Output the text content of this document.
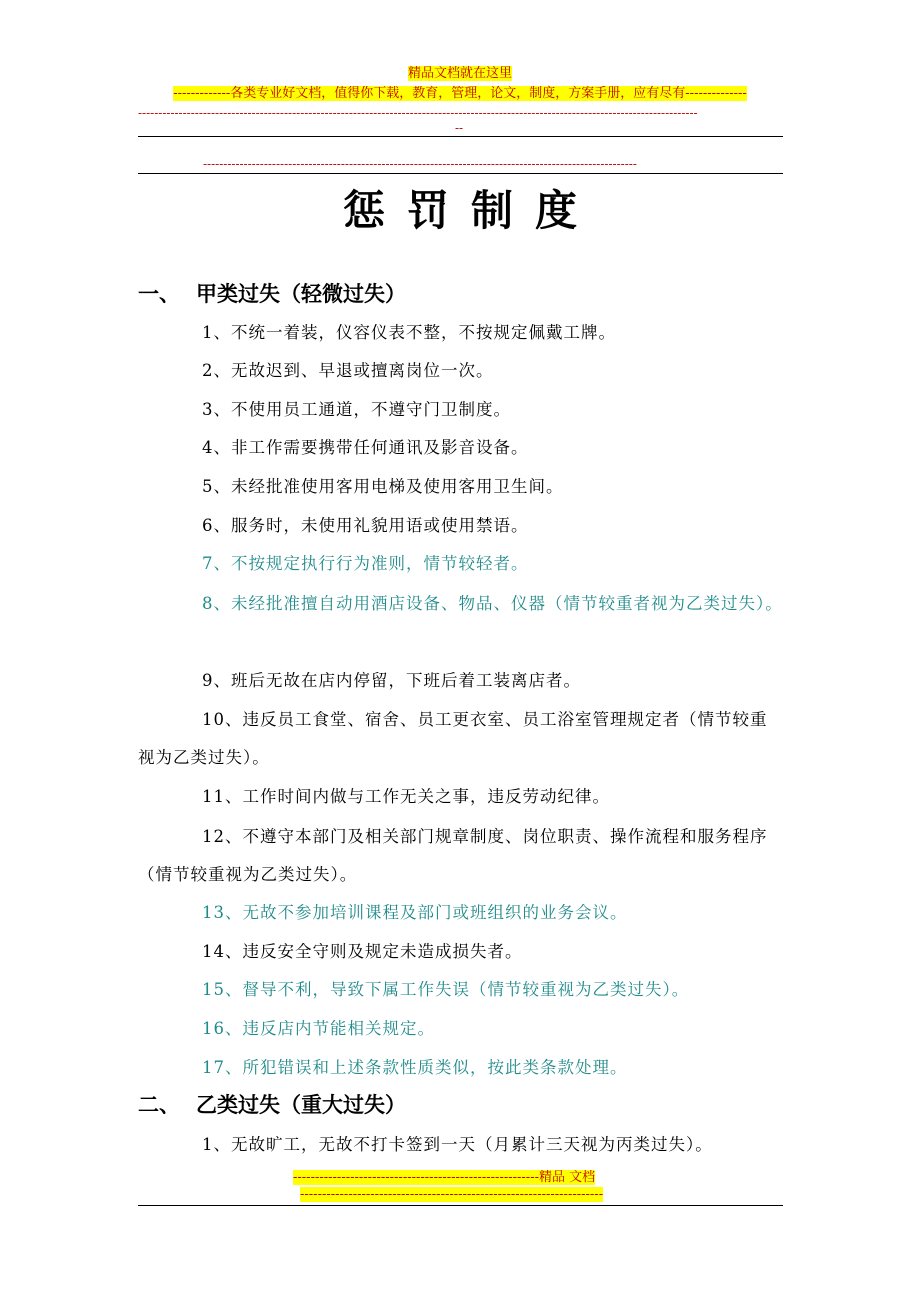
精品文档就在这里
-------------各类专业好文档，值得你下载，教育，管理，论文，制度，方案手册，应有尽有--------------
------------------------------------------------------------------------------------------------------------------------------------------
--
-----------------------------------------------------------------------------------------------------------
惩罚制度
一、 甲类过失（轻微过失）
1、不统一着装，仪容仪表不整，不按规定佩戴工牌。
2、无故迟到、早退或擅离岗位一次。
3、不使用员工通道，不遵守门卫制度。
4、非工作需要携带任何通讯及影音设备。
5、未经批准使用客用电梯及使用客用卫生间。
6、服务时，未使用礼貌用语或使用禁语。
7、不按规定执行行为准则，情节较轻者。
8、未经批准擅自动用酒店设备、物品、仪器（情节较重者视为乙类过失）。
9、班后无故在店内停留，下班后着工装离店者。
10、违反员工食堂、宿舍、员工更衣室、员工浴室管理规定者（情节较重视为乙类过失）。
11、工作时间内做与工作无关之事，违反劳动纪律。
12、不遵守本部门及相关部门规章制度、岗位职责、操作流程和服务程序（情节较重视为乙类过失）。
13、无故不参加培训课程及部门或班组织的业务会议。
14、违反安全守则及规定未造成损失者。
15、督导不利，导致下属工作失误（情节较重视为乙类过失）。
16、违反店内节能相关规定。
17、所犯错误和上述条款性质类似，按此类条款处理。
二、 乙类过失（重大过失）
1、无故旷工，无故不打卡签到一天（月累计三天视为丙类过失）。
--------------------------------------------------------精品 文档
---------------------------------------------------------------------
